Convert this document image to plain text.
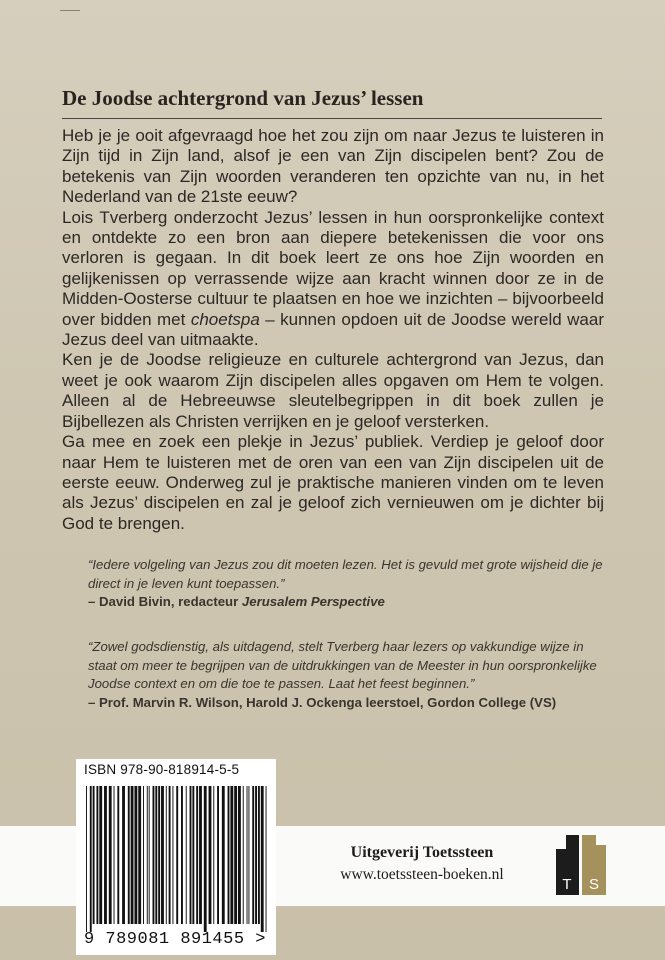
De Joodse achtergrond van Jezus’ lessen

Heb je je ooit afgevraagd hoe het zou zijn om naar Jezus te luisteren in Zijn tijd in Zijn land, alsof je een van Zijn discipelen bent? Zou de betekenis van Zijn woorden veranderen ten opzichte van nu, in het Nederland van de 21ste eeuw?

Lois Tverberg onderzocht Jezus’ lessen in hun oorspronkelijke context en ontdekte zo een bron aan diepere betekenissen die voor ons verloren is gegaan. In dit boek leert ze ons hoe Zijn woorden en gelijkenissen op verrassende wijze aan kracht winnen door ze in de Midden-Oosterse cultuur te plaatsen en hoe we inzichten – bijvoorbeeld over bidden met choetspa – kunnen opdoen uit de Joodse wereld waar Jezus deel van uitmaakte.

Ken je de Joodse religieuze en culturele achtergrond van Jezus, dan weet je ook waarom Zijn discipelen alles opgaven om Hem te volgen. Alleen al de Hebreeuwse sleutelbegrippen in dit boek zullen je Bijbellezen als Christen verrijken en je geloof versterken.

Ga mee en zoek een plekje in Jezus’ publiek. Verdiep je geloof door naar Hem te luisteren met de oren van een van Zijn discipelen uit de eerste eeuw. Onderweg zul je praktische manieren vinden om te leven als Jezus’ discipelen en zal je geloof zich vernieuwen om je dichter bij God te brengen.

“Iedere volgeling van Jezus zou dit moeten lezen. Het is gevuld met grote wijsheid die je direct in je leven kunt toepassen.”

– David Bivin, redacteur Jerusalem Perspective

“Zowel godsdienstig, als uitdagend, stelt Tverberg haar lezers op vakkundige wijze in staat om meer te begrijpen van de uitdrukkingen van de Meester in hun oorspronkelijke Joodse context en om die toe te passen. Laat het feest beginnen.”

– Prof. Marvin R. Wilson, Harold J. Ockenga leerstoel, Gordon College (VS)

ISBN 978-90-818914-5-5
9 789081 891455 >

Uitgeverij Toetssteen

www.toetssteen-boeken.nl

T S
